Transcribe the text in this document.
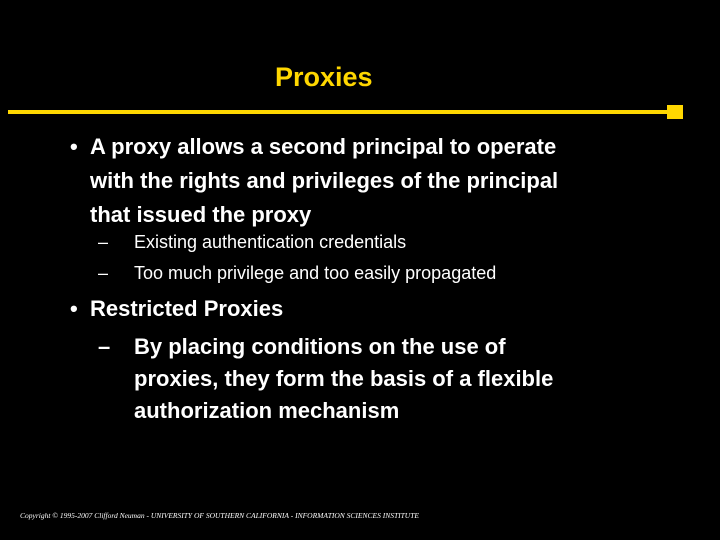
Proxies
• A proxy allows a second principal to operate
with the rights and privileges of the principal
that issued the proxy
– Existing authentication credentials
– Too much privilege and too easily propagated
• Restricted Proxies
– By placing conditions on the use of
proxies, they form the basis of a flexible
authorization mechanism
Copyright © 1995-2007 Clifford Neuman - UNIVERSITY OF SOUTHERN CALIFORNIA - INFORMATION SCIENCES INSTITUTE
